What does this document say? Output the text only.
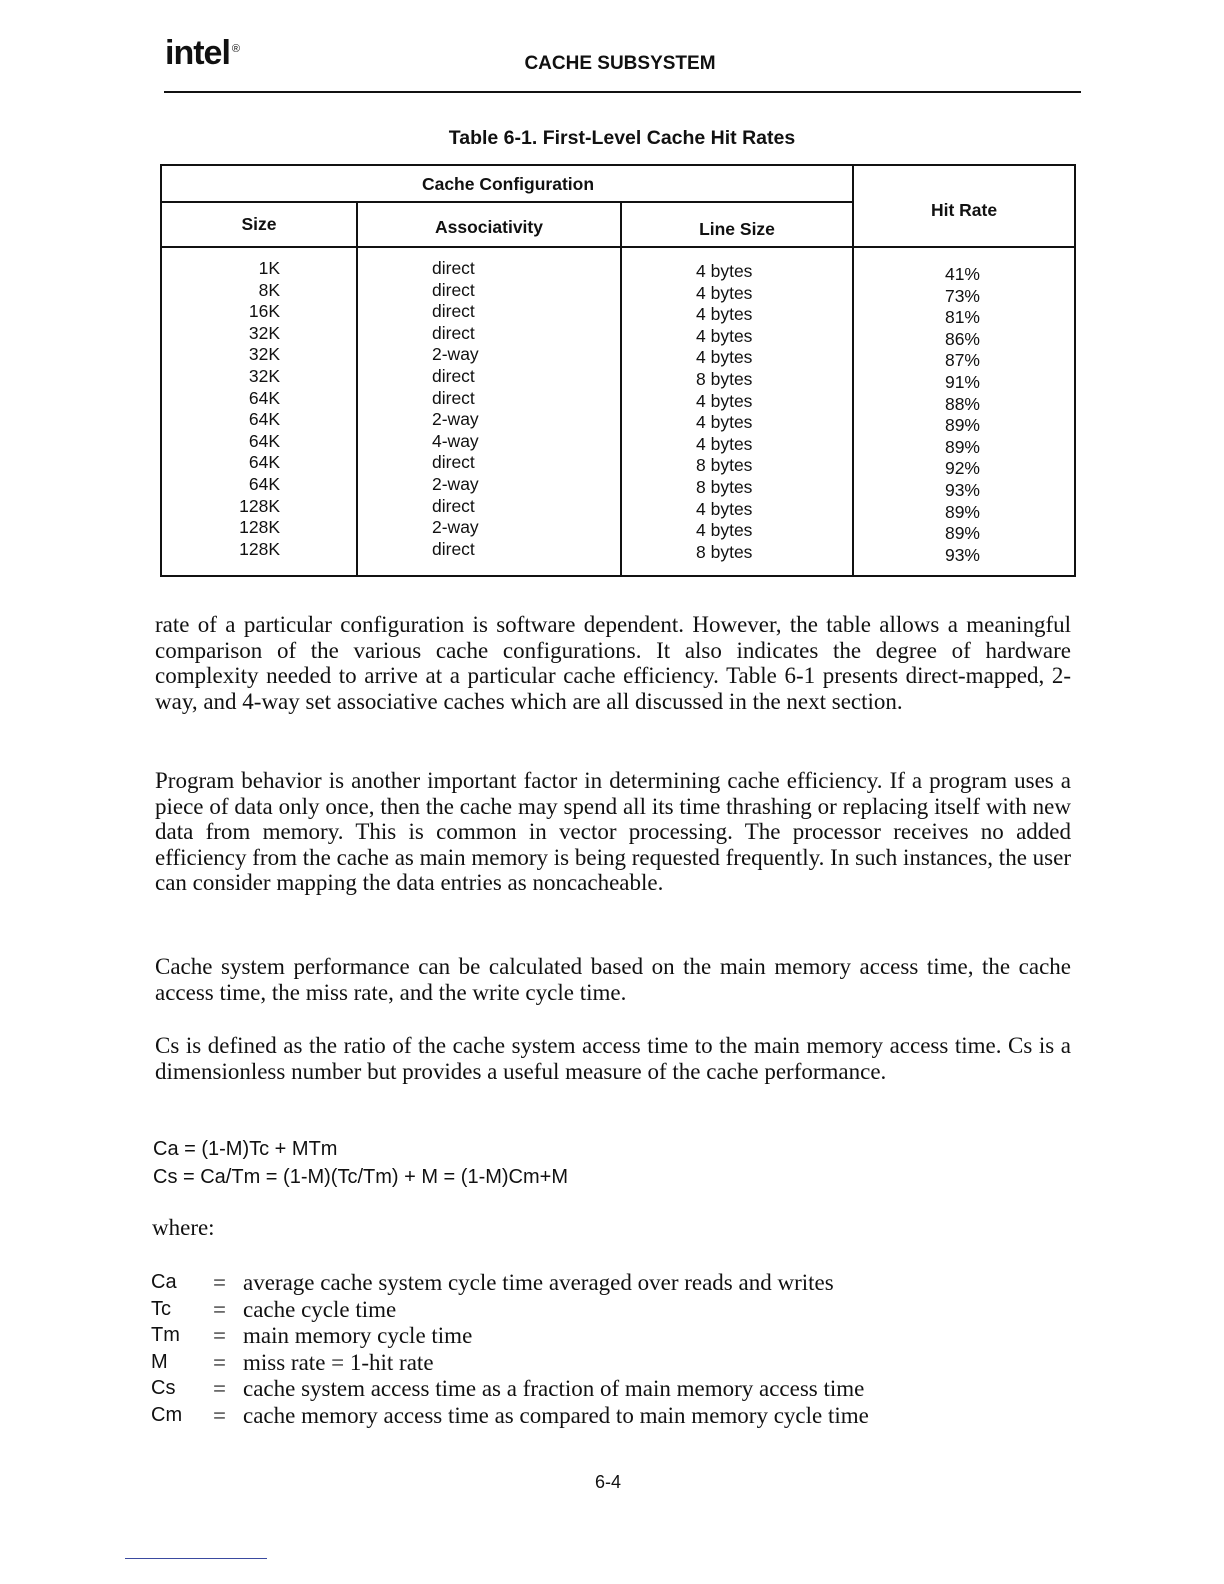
intel ®
CACHE SUBSYSTEM
Table 6-1. First-Level Cache Hit Rates
Cache Configuration
Size	Associativity	Line Size
Hit Rate
1K
8K
16K
32K
32K
32K
64K
64K
64K
64K
64K
128K
128K
128K
direct
direct
direct
direct
2-way
direct
direct
2-way
4-way
direct
2-way
direct
2-way
direct
4 bytes
4 bytes
4 bytes
4 bytes
4 bytes
8 bytes
4 bytes
4 bytes
4 bytes
8 bytes
8 bytes
4 bytes
4 bytes
8 bytes
41%
73%
81%
86%
87%
91%
88%
89%
89%
92%
93%
89%
89%
93%
rate of a particular configuration is software dependent. However, the table allows a meaningful comparison of the various cache configurations. It also indicates the degree of hardware complexity needed to arrive at a particular cache efficiency. Table 6-1 presents direct-mapped, 2-way, and 4-way set associative caches which are all discussed in the next section.
Program behavior is another important factor in determining cache efficiency. If a program uses a piece of data only once, then the cache may spend all its time thrashing or replacing itself with new data from memory. This is common in vector processing. The processor receives no added efficiency from the cache as main memory is being requested frequently. In such instances, the user can consider mapping the data entries as noncacheable.
Cache system performance can be calculated based on the main memory access time, the cache access time, the miss rate, and the write cycle time.
Cs is defined as the ratio of the cache system access time to the main memory access time. Cs is a dimensionless number but provides a useful measure of the cache performance.
Ca = (1-M)Tc + MTm
Cs = Ca/Tm = (1-M)(Tc/Tm) + M = (1-M)Cm+M
where:
Ca = average cache system cycle time averaged over reads and writes
Tc = cache cycle time
Tm = main memory cycle time
M = miss rate = 1-hit rate
Cs = cache system access time as a fraction of main memory access time
Cm = cache memory access time as compared to main memory cycle time
6-4
